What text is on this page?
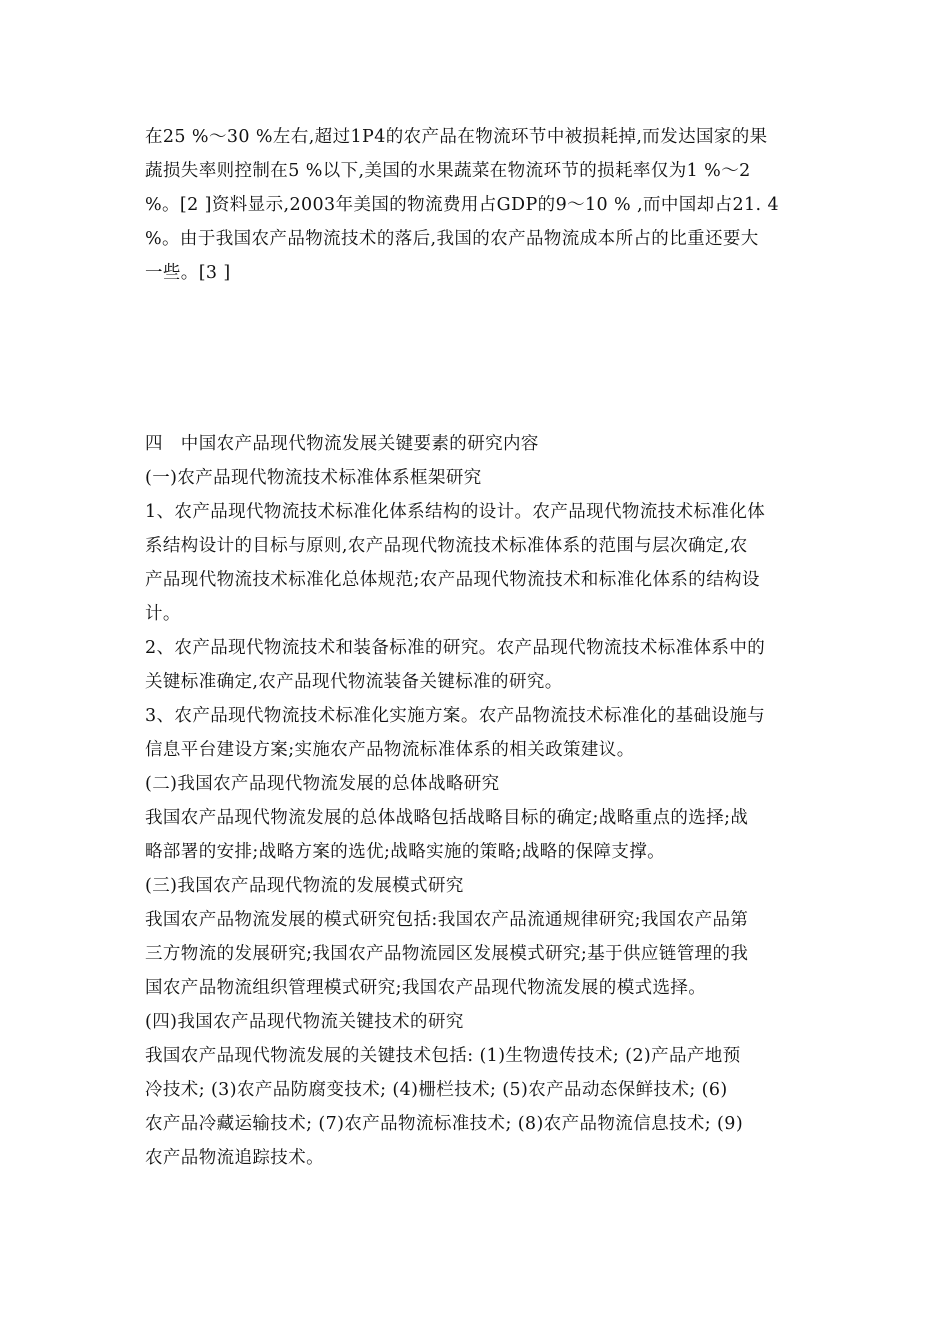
在25 %～30 %左右,超过1P4的农产品在物流环节中被损耗掉,而发达国家的果
蔬损失率则控制在5 %以下,美国的水果蔬菜在物流环节的损耗率仅为1 %～2
%。[2 ]资料显示,2003年美国的物流费用占GDP的9～10 % ,而中国却占21. 4
%。由于我国农产品物流技术的落后,我国的农产品物流成本所占的比重还要大
一些。[3 ]
四　中国农产品现代物流发展关键要素的研究内容
(一)农产品现代物流技术标准体系框架研究
1、农产品现代物流技术标准化体系结构的设计。农产品现代物流技术标准化体
系结构设计的目标与原则,农产品现代物流技术标准体系的范围与层次确定,农
产品现代物流技术标准化总体规范;农产品现代物流技术和标准化体系的结构设
计。
2、农产品现代物流技术和装备标准的研究。农产品现代物流技术标准体系中的
关键标准确定,农产品现代物流装备关键标准的研究。
3、农产品现代物流技术标准化实施方案。农产品物流技术标准化的基础设施与
信息平台建设方案;实施农产品物流标准体系的相关政策建议。
(二)我国农产品现代物流发展的总体战略研究
我国农产品现代物流发展的总体战略包括战略目标的确定;战略重点的选择;战
略部署的安排;战略方案的选优;战略实施的策略;战略的保障支撑。
(三)我国农产品现代物流的发展模式研究
我国农产品物流发展的模式研究包括:我国农产品流通规律研究;我国农产品第
三方物流的发展研究;我国农产品物流园区发展模式研究;基于供应链管理的我
国农产品物流组织管理模式研究;我国农产品现代物流发展的模式选择。
(四)我国农产品现代物流关键技术的研究
我国农产品现代物流发展的关键技术包括: (1)生物遗传技术; (2)产品产地预
冷技术; (3)农产品防腐变技术; (4)栅栏技术; (5)农产品动态保鲜技术; (6)
农产品冷藏运输技术; (7)农产品物流标准技术; (8)农产品物流信息技术; (9)
农产品物流追踪技术。
